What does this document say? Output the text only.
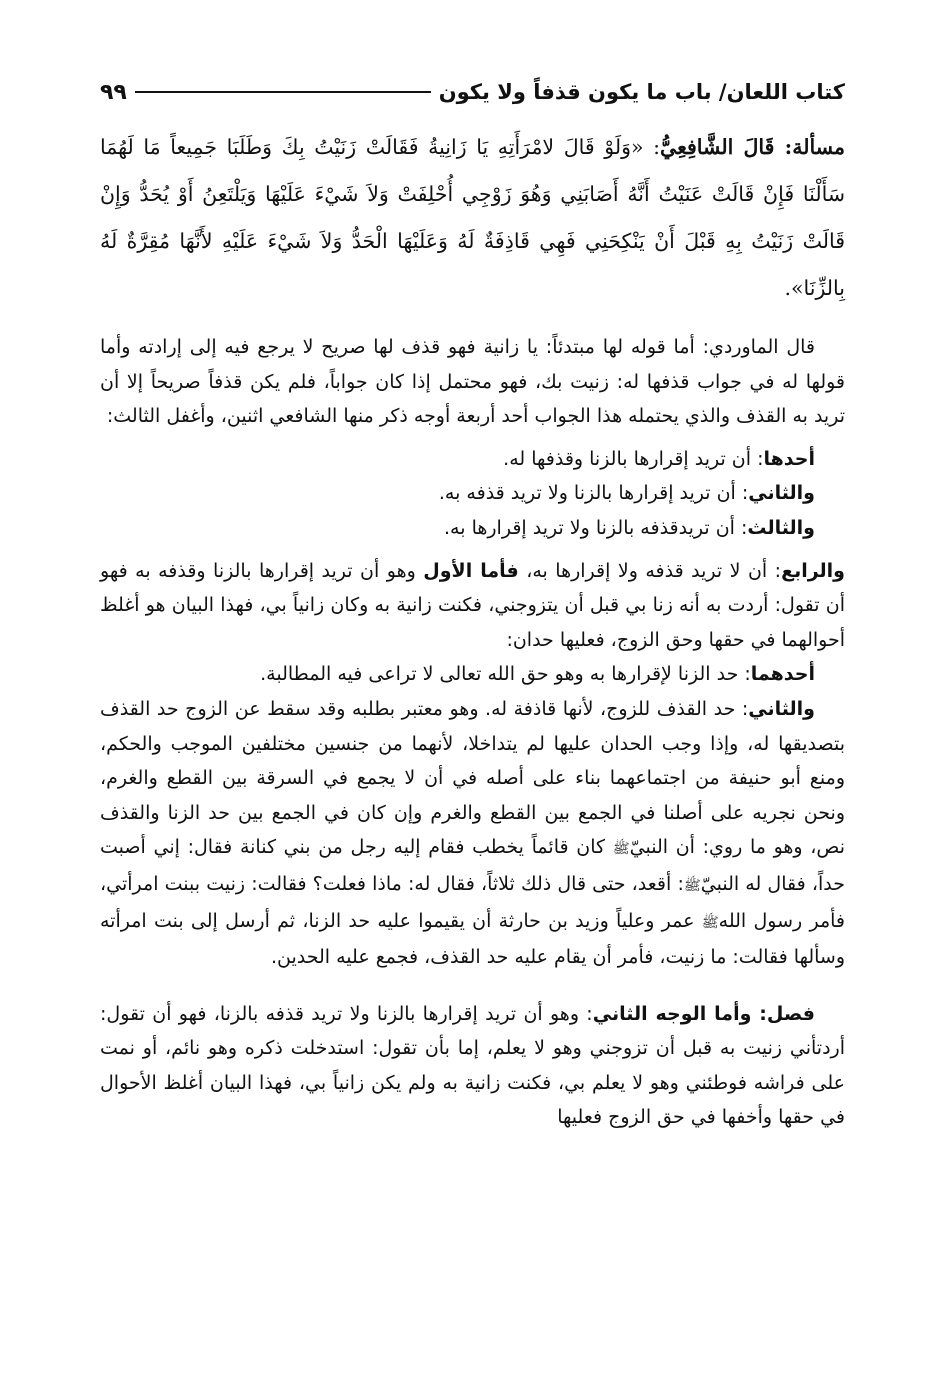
كتاب اللعان/ باب ما يكون قذفاً ولا يكون
٩٩

مسألة: قَالَ الشَّافِعِيُّ: «وَلَوْ قَالَ لامْرَأَتِهِ يَا زَانِيةُ فَقَالَتْ زَنَيْتُ بِكَ وَطَلَبَا جَمِيعاً مَا لَهُمَا سَأَلْنَا فَإِنْ قَالَتْ عَنَيْتُ أَنَّهُ أَصَابَنِي وَهُوَ زَوْجِي أُحْلِفَتْ وَلاَ شَيْءَ عَلَيْهَا وَيَلْتَعِنُ أَوْ يُحَدُّ وَإِنْ قَالَتْ زَنَيْتُ بِهِ قَبْلَ أَنْ يَنْكِحَنِي فَهِي قَاذِفَةٌ لَهُ وَعَلَيْهَا الْحَدُّ وَلاَ شَيْءَ عَلَيْهِ لأَنَّهَا مُقِرَّةٌ لَهُ بِالزِّنَا».

قال الماوردي: أما قوله لها مبتدئاً: يا زانية فهو قذف لها صريح لا يرجع فيه إلى إرادته وأما قولها له في جواب قذفها له: زنيت بك، فهو محتمل إذا كان جواباً، فلم يكن قذفاً صريحاً إلا أن تريد به القذف والذي يحتمله هذا الجواب أحد أربعة أوجه ذكر منها الشافعي اثنين، وأغفل الثالث:

أحدها: أن تريد إقرارها بالزنا وقذفها له.

والثاني: أن تريد إقرارها بالزنا ولا تريد قذفه به.

والثالث: أن تريدقذفه بالزنا ولا تريد إقرارها به.

والرابع: أن لا تريد قذفه ولا إقرارها به، فأما الأول وهو أن تريد إقرارها بالزنا وقذفه به فهو أن تقول: أردت به أنه زنا بي قبل أن يتزوجني، فكنت زانية به وكان زانياً بي، فهذا البيان هو أغلظ أحوالهما في حقها وحق الزوج، فعليها حدان:

أحدهما: حد الزنا لإقرارها به وهو حق الله تعالى لا تراعى فيه المطالبة.

والثاني: حد القذف للزوج، لأنها قاذفة له. وهو معتبر بطلبه وقد سقط عن الزوج حد القذف بتصديقها له، وإذا وجب الحدان عليها لم يتداخلا، لأنهما من جنسين مختلفين الموجب والحكم، ومنع أبو حنيفة من اجتماعهما بناء على أصله في أن لا يجمع في السرقة بين القطع والغرم، ونحن نجريه على أصلنا في الجمع بين القطع والغرم وإن كان في الجمع بين حد الزنا والقذف نص، وهو ما روي: أن النبيّﷺ كان قائماً يخطب فقام إليه رجل من بني كنانة فقال: إني أصبت حداً، فقال له النبيّﷺ: أقعد، حتى قال ذلك ثلاثاً، فقال له: ماذا فعلت؟ فقالت: زنيت ببنت امرأتي، فأمر رسول اللهﷺ عمر وعلياً وزيد بن حارثة أن يقيموا عليه حد الزنا، ثم أرسل إلى بنت امرأته وسألها فقالت: ما زنيت، فأمر أن يقام عليه حد القذف، فجمع عليه الحدين.

فصل: وأما الوجه الثاني: وهو أن تريد إقرارها بالزنا ولا تريد قذفه بالزنا، فهو أن تقول: أردتأني زنيت به قبل أن تزوجني وهو لا يعلم، إما بأن تقول: استدخلت ذكره وهو نائم، أو نمت على فراشه فوطئني وهو لا يعلم بي، فكنت زانية به ولم يكن زانياً بي، فهذا البيان أغلظ الأحوال في حقها وأخفها في حق الزوج فعليها
